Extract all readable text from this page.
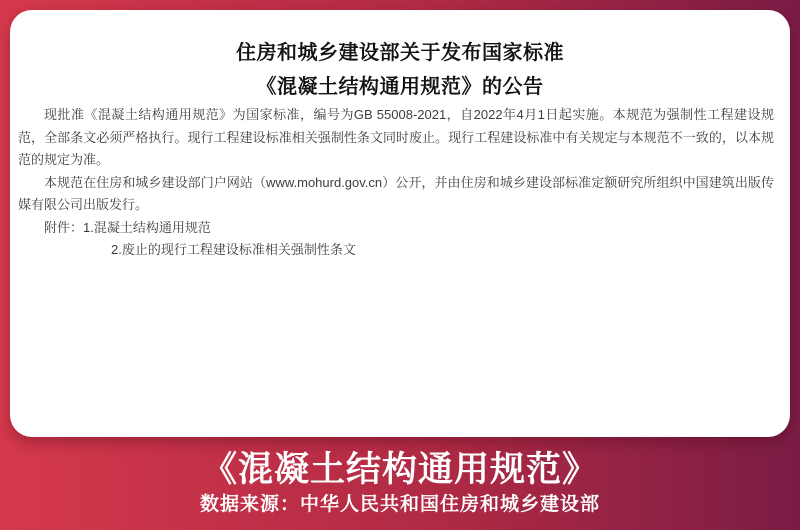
住房和城乡建设部关于发布国家标准
《混凝土结构通用规范》的公告

现批准《混凝土结构通用规范》为国家标准，编号为GB 55008-2021，自2022年4月1日起实施。本规范为强制性工程建设规范，全部条文必须严格执行。现行工程建设标准相关强制性条文同时废止。现行工程建设标准中有关规定与本规范不一致的，以本规范的规定为准。

本规范在住房和城乡建设部门户网站（www.mohurd.gov.cn）公开，并由住房和城乡建设部标准定额研究所组织中国建筑出版传媒有限公司出版发行。

附件：1.混凝土结构通用规范

2.废止的现行工程建设标准相关强制性条文

《混凝土结构通用规范》
数据来源：中华人民共和国住房和城乡建设部
